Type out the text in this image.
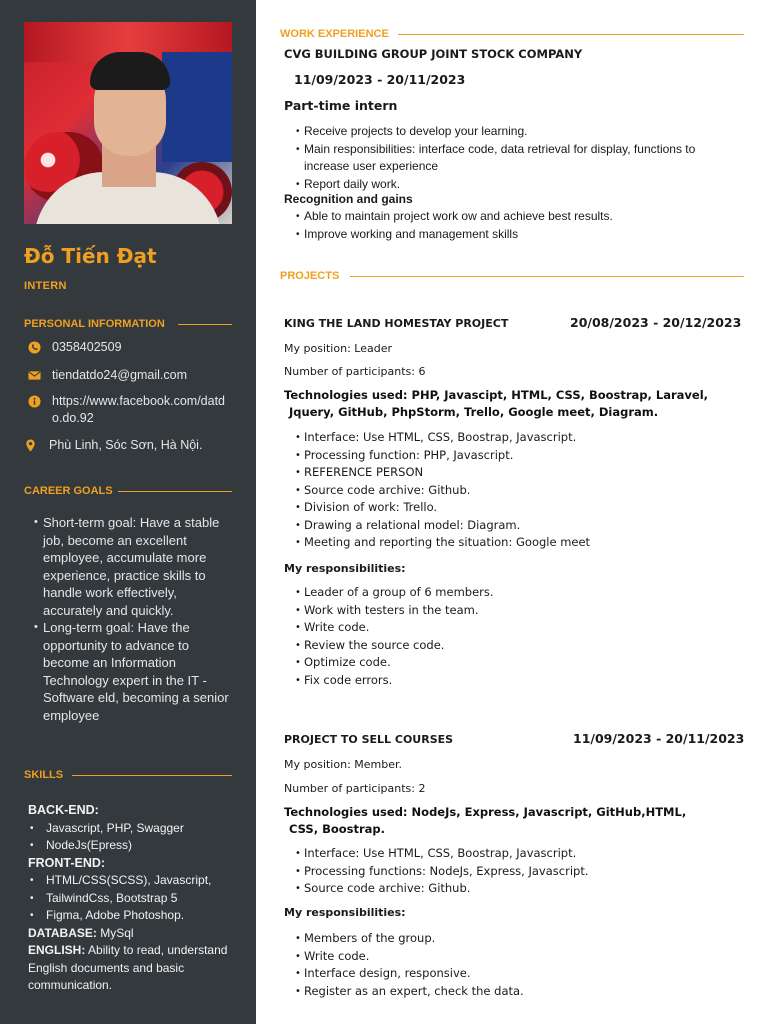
Đỗ Tiến Đạt
INTERN
PERSONAL INFORMATION
0358402509
tiendatdo24@gmail.com
https://www.facebook.com/datdo.do.92
Phù Linh, Sóc Sơn, Hà Nội.
CAREER GOALS
• Short-term goal: Have a stable job, become an excellent employee, accumulate more experience, practice skills to handle work effectively, accurately and quickly.
• Long-term goal: Have the opportunity to advance to become an Information Technology expert in the IT - Software eld, becoming a senior employee
SKILLS
BACK-END:
• Javascript, PHP, Swagger
• NodeJs(Epress)
FRONT-END:
• HTML/CSS(SCSS), Javascript,
• TailwindCss, Bootstrap 5
• Figma, Adobe Photoshop.
DATABASE: MySql
ENGLISH: Ability to read, understand English documents and basic communication.
WORK EXPERIENCE
CVG BUILDING GROUP JOINT STOCK COMPANY
11/09/2023 - 20/11/2023
Part-time intern
• Receive projects to develop your learning.
• Main responsibilities: interface code, data retrieval for display, functions to increase user experience
• Report daily work.
Recognition and gains
• Able to maintain project work ow and achieve best results.
• Improve working and management skills
PROJECTS
KING THE LAND HOMESTAY PROJECT	20/08/2023 - 20/12/2023
My position: Leader
Number of participants: 6
Technologies used: PHP, Javascipt, HTML, CSS, Boostrap, Laravel, Jquery, GitHub, PhpStorm, Trello, Google meet, Diagram.
• Interface: Use HTML, CSS, Boostrap, Javascript.
• Processing function: PHP, Javascript.
• REFERENCE PERSON
• Source code archive: Github.
• Division of work: Trello.
• Drawing a relational model: Diagram.
• Meeting and reporting the situation: Google meet
My responsibilities:
• Leader of a group of 6 members.
• Work with testers in the team.
• Write code.
• Review the source code.
• Optimize code.
• Fix code errors.
PROJECT TO SELL COURSES	11/09/2023 - 20/11/2023
My position: Member.
Number of participants: 2
Technologies used: NodeJs, Express, Javascript, GitHub,HTML, CSS, Boostrap.
• Interface: Use HTML, CSS, Boostrap, Javascript.
• Processing functions: NodeJs, Express, Javascript.
• Source code archive: Github.
My responsibilities:
• Members of the group.
• Write code.
• Interface design, responsive.
• Register as an expert, check the data.
